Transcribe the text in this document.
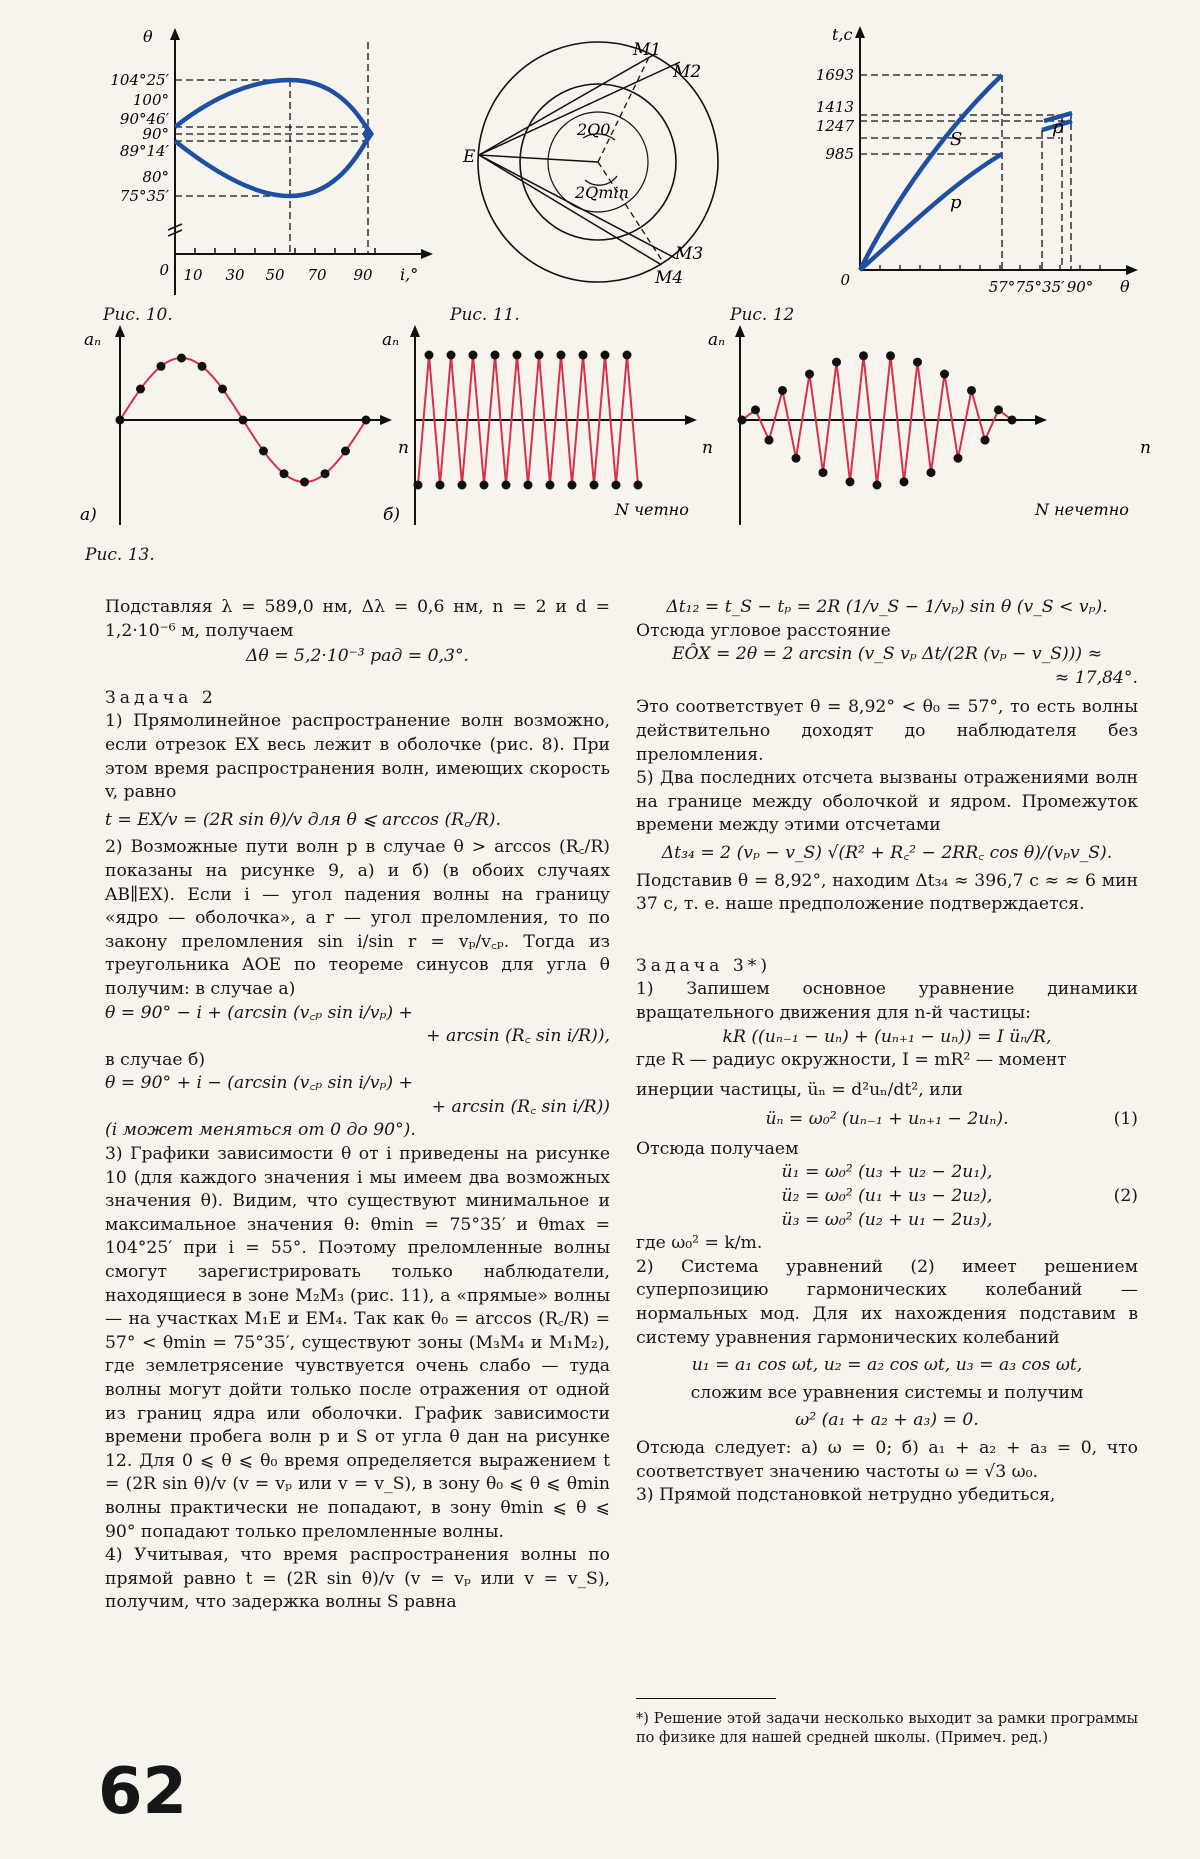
θ
104°25′
100°
90°46′
90°
89°14′
80°
75°35′
0 10 30 50 70 90 i,°
Рис. 10.
M1
M2
M3
M4
E
2Q0
2Qmin
Рис. 11.
t,c
1693
1413
1247
985
0	57° 75°35′ 90° θ
S
p
p
Рис. 12
aₙ	aₙ	aₙ
n	n	n
а)	б)	N четно	N нечетно
Рис. 13.

Подставляя λ = 589,0 нм, Δλ = 0,6 нм, n = 2 и d = 1,2·10⁻⁶ м, получаем

Δθ = 5,2·10⁻³ рад = 0,3°.

Задача 2

1) Прямолинейное распространение волн возможно, если отрезок EX весь лежит в оболочке (рис. 8). При этом время распространения волн, имеющих скорость v, равно

t = EX/v = (2R sin θ)/v для θ ⩽ arccos (R꜀/R).

2) Возможные пути волн p в случае θ > arccos (R꜀/R) показаны на рисунке 9, а) и б) (в обоих случаях AB∥EX). Если i — угол падения волны на границу «ядро — оболочка», а r — угол преломления, то по закону преломления sin i/sin r = vₚ/v꜀ₚ. Тогда из треугольника AOE по теореме синусов для угла θ получим: в случае а)

θ = 90° − i + (arcsin (v꜀ₚ sin i/vₚ) +

+ arcsin (R꜀ sin i/R)),

в случае б)

θ = 90° + i − (arcsin (v꜀ₚ sin i/vₚ) +

+ arcsin (R꜀ sin i/R))

(i может меняться от 0 до 90°).

3) Графики зависимости θ от i приведены на рисунке 10 (для каждого значения i мы имеем два возможных значения θ). Видим, что существуют минимальное и максимальное значения θ: θmin = 75°35′ и θmax = 104°25′ при i = 55°. Поэтому преломленные волны смогут зарегистрировать только наблюдатели, находящиеся в зоне M₂M₃ (рис. 11), а «прямые» волны — на участках M₁E и EM₄. Так как θ₀ = arccos (R꜀/R) = 57° < θmin = 75°35′, существуют зоны (M₃M₄ и M₁M₂), где землетрясение чувствуется очень слабо — туда волны могут дойти только после отражения от одной из границ ядра или оболочки. График зависимости времени пробега волн p и S от угла θ дан на рисунке 12. Для 0 ⩽ θ ⩽ θ₀ время определяется выражением t = (2R sin θ)/v (v = vₚ или v = v_S), в зону θ₀ ⩽ θ ⩽ θmin волны практически не попадают, в зону θmin ⩽ θ ⩽ 90° попадают только преломленные волны.

4) Учитывая, что время распространения волны по прямой равно t = (2R sin θ)/v (v = vₚ или v = v_S), получим, что задержка волны S равна

Δt₁₂ = t_S − tₚ = 2R (1/v_S − 1/vₚ) sin θ (v_S < vₚ).

Отсюда угловое расстояние

EÔX = 2θ = 2 arcsin (v_S vₚ Δt/(2R (vₚ − v_S))) ≈

≈ 17,84°.

Это соответствует θ = 8,92° < θ₀ = 57°, то есть волны действительно доходят до наблюдателя без преломления.

5) Два последних отсчета вызваны отражениями волн на границе между оболочкой и ядром. Промежуток времени между этими отсчетами

Δt₃₄ = 2 (vₚ − v_S) √(R² + R꜀² − 2RR꜀ cos θ)/(vₚv_S).

Подставив θ = 8,92°, находим Δt₃₄ ≈ 396,7 с ≈ ≈ 6 мин 37 с, т. е. наше предположение подтверждается.

Задача 3*)

1) Запишем основное уравнение динамики вращательного движения для n-й частицы:

kR ((uₙ₋₁ − uₙ) + (uₙ₊₁ − uₙ)) = I üₙ/R,

где R — радиус окружности, I = mR² — момент

инерции частицы, üₙ = d²uₙ/dt², или

üₙ = ω₀² (uₙ₋₁ + uₙ₊₁ − 2uₙ).	(1)

Отсюда получаем

ü₁ = ω₀² (u₃ + u₂ − 2u₁),

ü₂ = ω₀² (u₁ + u₃ − 2u₂),

ü₃ = ω₀² (u₂ + u₁ − 2u₃),

(2)

где ω₀² = k/m.

2) Система уравнений (2) имеет решением суперпозицию гармонических колебаний — нормальных мод. Для их нахождения подставим в систему уравнения гармонических колебаний

u₁ = a₁ cos ωt, u₂ = a₂ cos ωt, u₃ = a₃ cos ωt,

сложим все уравнения системы и получим

ω² (a₁ + a₂ + a₃) = 0.

Отсюда следует: а) ω = 0; б) a₁ + a₂ + a₃ = 0, что соответствует значению частоты ω = √3 ω₀.

3) Прямой подстановкой нетрудно убедиться,

*) Решение этой задачи несколько выходит за рамки программы по физике для нашей средней школы. (Примеч. ред.)
62
